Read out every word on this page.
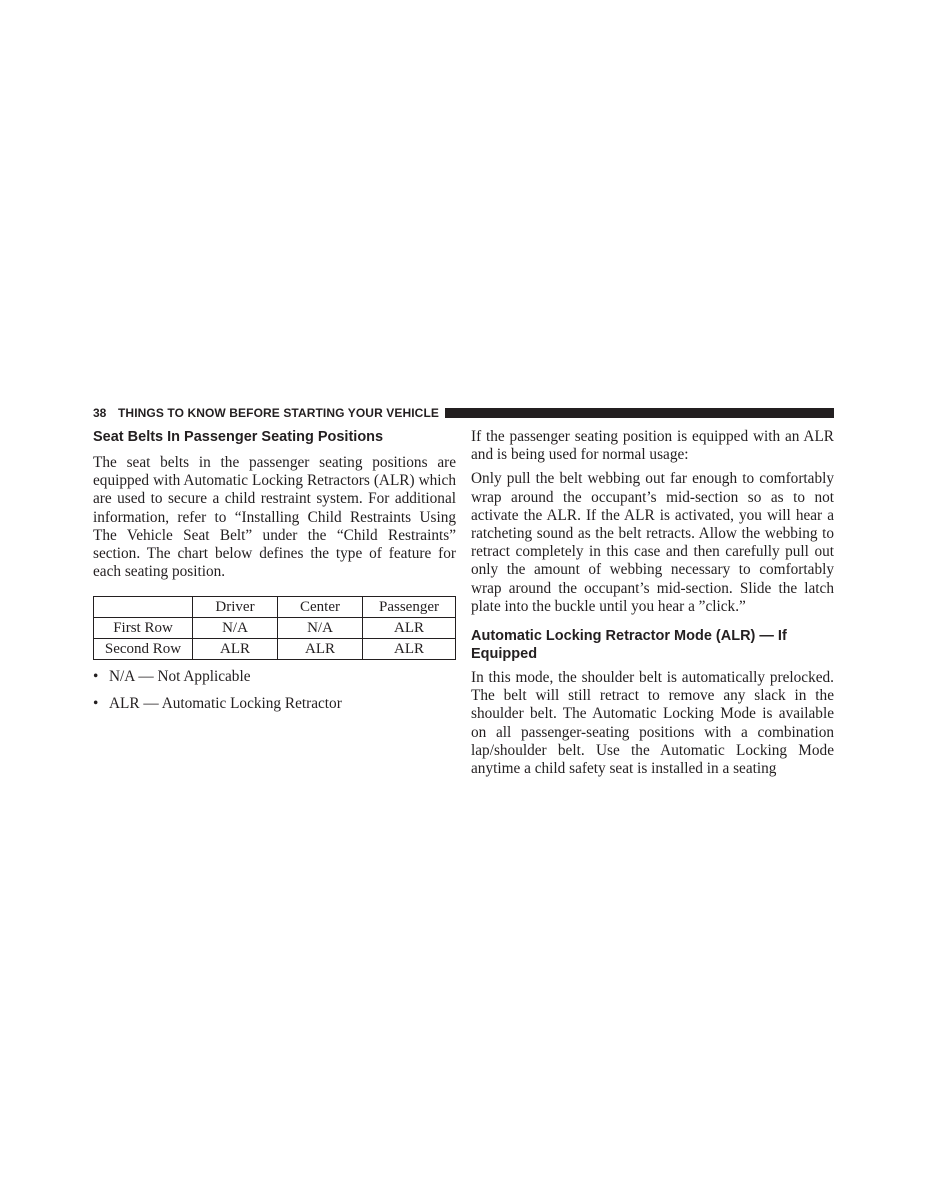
38 THINGS TO KNOW BEFORE STARTING YOUR VEHICLE
Seat Belts In Passenger Seating Positions

The seat belts in the passenger seating positions are equipped with Automatic Locking Retractors (ALR) which are used to secure a child restraint system. For additional information, refer to “Installing Child Restraints Using The Vehicle Seat Belt” under the “Child Restraints” section. The chart below defines the type of feature for each seating position.

	Driver	Center	Passenger
First Row	N/A	N/A	ALR
Second Row	ALR	ALR	ALR
• N/A — Not Applicable
• ALR — Automatic Locking Retractor

If the passenger seating position is equipped with an ALR and is being used for normal usage:

Only pull the belt webbing out far enough to comfortably wrap around the occupant’s mid-section so as to not activate the ALR. If the ALR is activated, you will hear a ratcheting sound as the belt retracts. Allow the webbing to retract completely in this case and then carefully pull out only the amount of webbing necessary to comfortably wrap around the occupant’s mid-section. Slide the latch plate into the buckle until you hear a ”click.”

Automatic Locking Retractor Mode (ALR) — If Equipped

In this mode, the shoulder belt is automatically prelocked. The belt will still retract to remove any slack in the shoulder belt. The Automatic Locking Mode is available on all passenger-seating positions with a combination lap/shoulder belt. Use the Automatic Locking Mode anytime a child safety seat is installed in a seating
